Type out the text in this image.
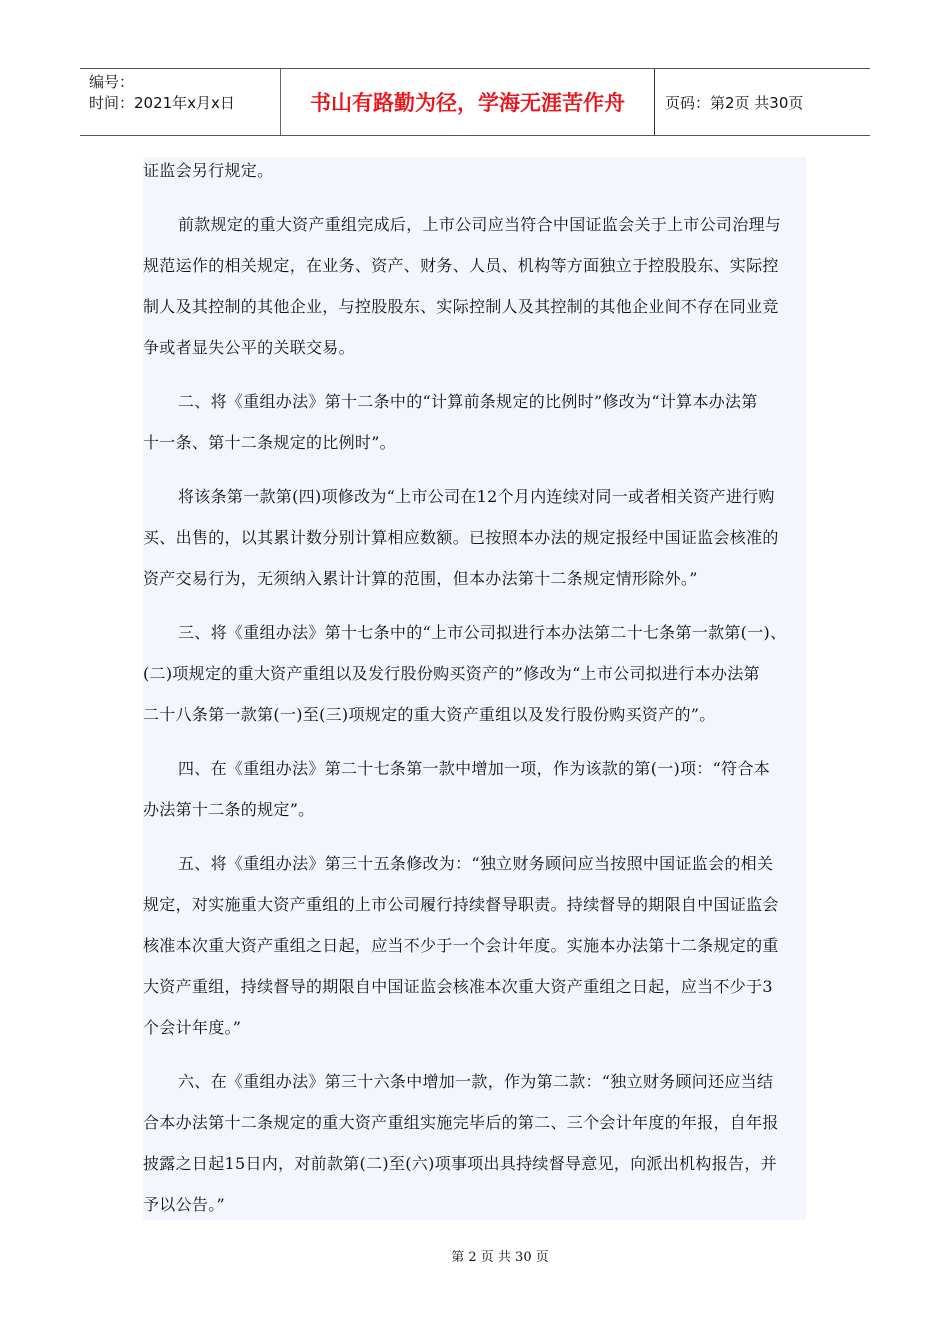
编号：
时间：2021年x月x日	书山有路勤为径，学海无涯苦作舟	页码：第2页 共30页
证监会另行规定。
前款规定的重大资产重组完成后，上市公司应当符合中国证监会关于上市公司治理与
规范运作的相关规定，在业务、资产、财务、人员、机构等方面独立于控股股东、实际控
制人及其控制的其他企业，与控股股东、实际控制人及其控制的其他企业间不存在同业竞
争或者显失公平的关联交易。
二、将《重组办法》第十二条中的“计算前条规定的比例时”修改为“计算本办法第
十一条、第十二条规定的比例时”。
将该条第一款第(四)项修改为“上市公司在12个月内连续对同一或者相关资产进行购
买、出售的，以其累计数分别计算相应数额。已按照本办法的规定报经中国证监会核准的
资产交易行为，无须纳入累计计算的范围，但本办法第十二条规定情形除外。”
三、将《重组办法》第十七条中的“上市公司拟进行本办法第二十七条第一款第(一)、
(二)项规定的重大资产重组以及发行股份购买资产的”修改为“上市公司拟进行本办法第
二十八条第一款第(一)至(三)项规定的重大资产重组以及发行股份购买资产的”。
四、在《重组办法》第二十七条第一款中增加一项，作为该款的第(一)项：“符合本
办法第十二条的规定”。
五、将《重组办法》第三十五条修改为：“独立财务顾问应当按照中国证监会的相关
规定，对实施重大资产重组的上市公司履行持续督导职责。持续督导的期限自中国证监会
核准本次重大资产重组之日起，应当不少于一个会计年度。实施本办法第十二条规定的重
大资产重组，持续督导的期限自中国证监会核准本次重大资产重组之日起，应当不少于3
个会计年度。”
六、在《重组办法》第三十六条中增加一款，作为第二款：“独立财务顾问还应当结
合本办法第十二条规定的重大资产重组实施完毕后的第二、三个会计年度的年报，自年报
披露之日起15日内，对前款第(二)至(六)项事项出具持续督导意见，向派出机构报告，并
予以公告。”
第 2 页 共 30 页
